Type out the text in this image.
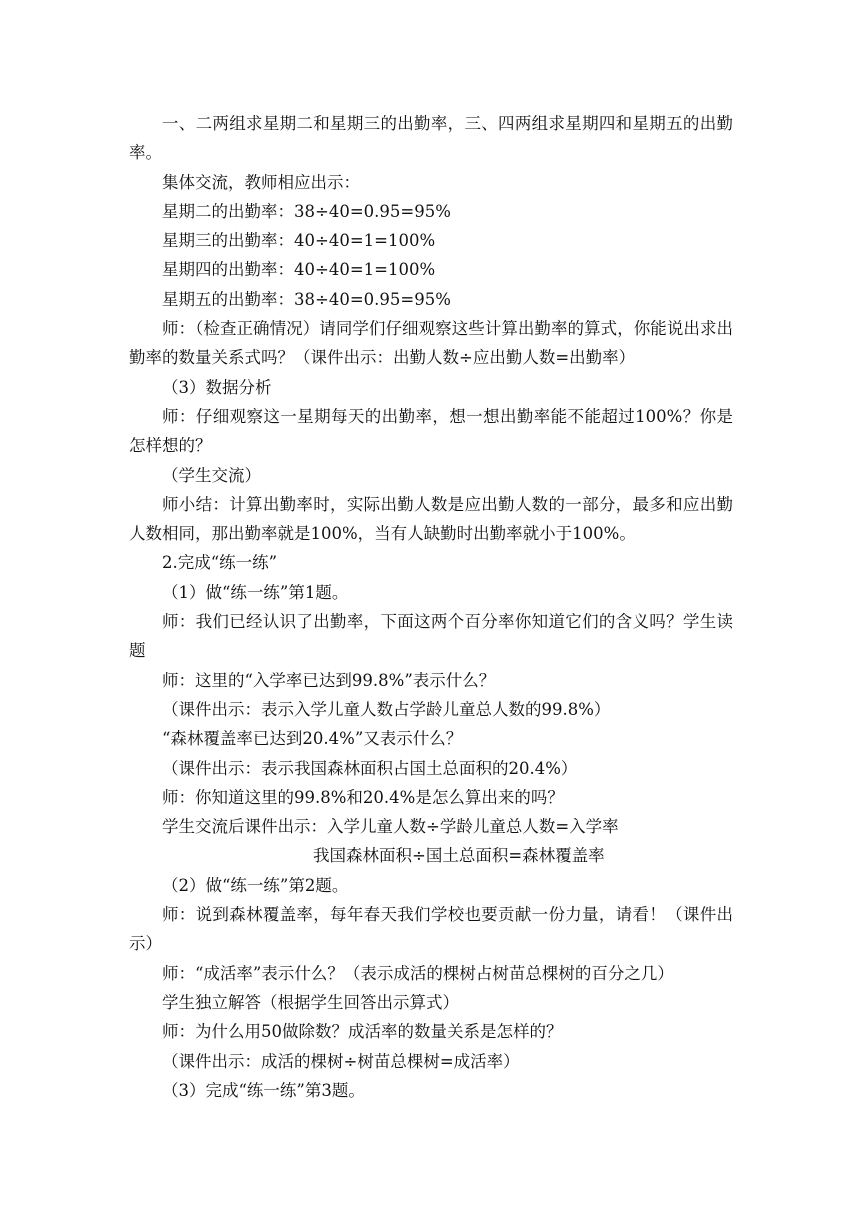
一、二两组求星期二和星期三的出勤率，三、四两组求星期四和星期五的出勤率。

集体交流，教师相应出示：

星期二的出勤率：38÷40=0.95=95%

星期三的出勤率：40÷40=1=100%

星期四的出勤率：40÷40=1=100%

星期五的出勤率：38÷40=0.95=95%

师：（检查正确情况）请同学们仔细观察这些计算出勤率的算式，你能说出求出勤率的数量关系式吗？（课件出示：出勤人数÷应出勤人数=出勤率）

（3）数据分析

师：仔细观察这一星期每天的出勤率，想一想出勤率能不能超过100%？你是怎样想的？

（学生交流）

师小结：计算出勤率时，实际出勤人数是应出勤人数的一部分，最多和应出勤人数相同，那出勤率就是100%，当有人缺勤时出勤率就小于100%。

2.完成“练一练”

（1）做“练一练”第1题。

师：我们已经认识了出勤率，下面这两个百分率你知道它们的含义吗？学生读题

师：这里的“入学率已达到99.8%”表示什么？

（课件出示：表示入学儿童人数占学龄儿童总人数的99.8%）

“森林覆盖率已达到20.4%”又表示什么？

（课件出示：表示我国森林面积占国土总面积的20.4%）

师：你知道这里的99.8%和20.4%是怎么算出来的吗？

学生交流后课件出示：入学儿童人数÷学龄儿童总人数=入学率

我国森林面积÷国土总面积=森林覆盖率

（2）做“练一练”第2题。

师：说到森林覆盖率，每年春天我们学校也要贡献一份力量，请看！（课件出示）

师：“成活率”表示什么？（表示成活的棵树占树苗总棵树的百分之几）

学生独立解答（根据学生回答出示算式）

师：为什么用50做除数？成活率的数量关系是怎样的？

（课件出示：成活的棵树÷树苗总棵树=成活率）

（3）完成“练一练”第3题。
